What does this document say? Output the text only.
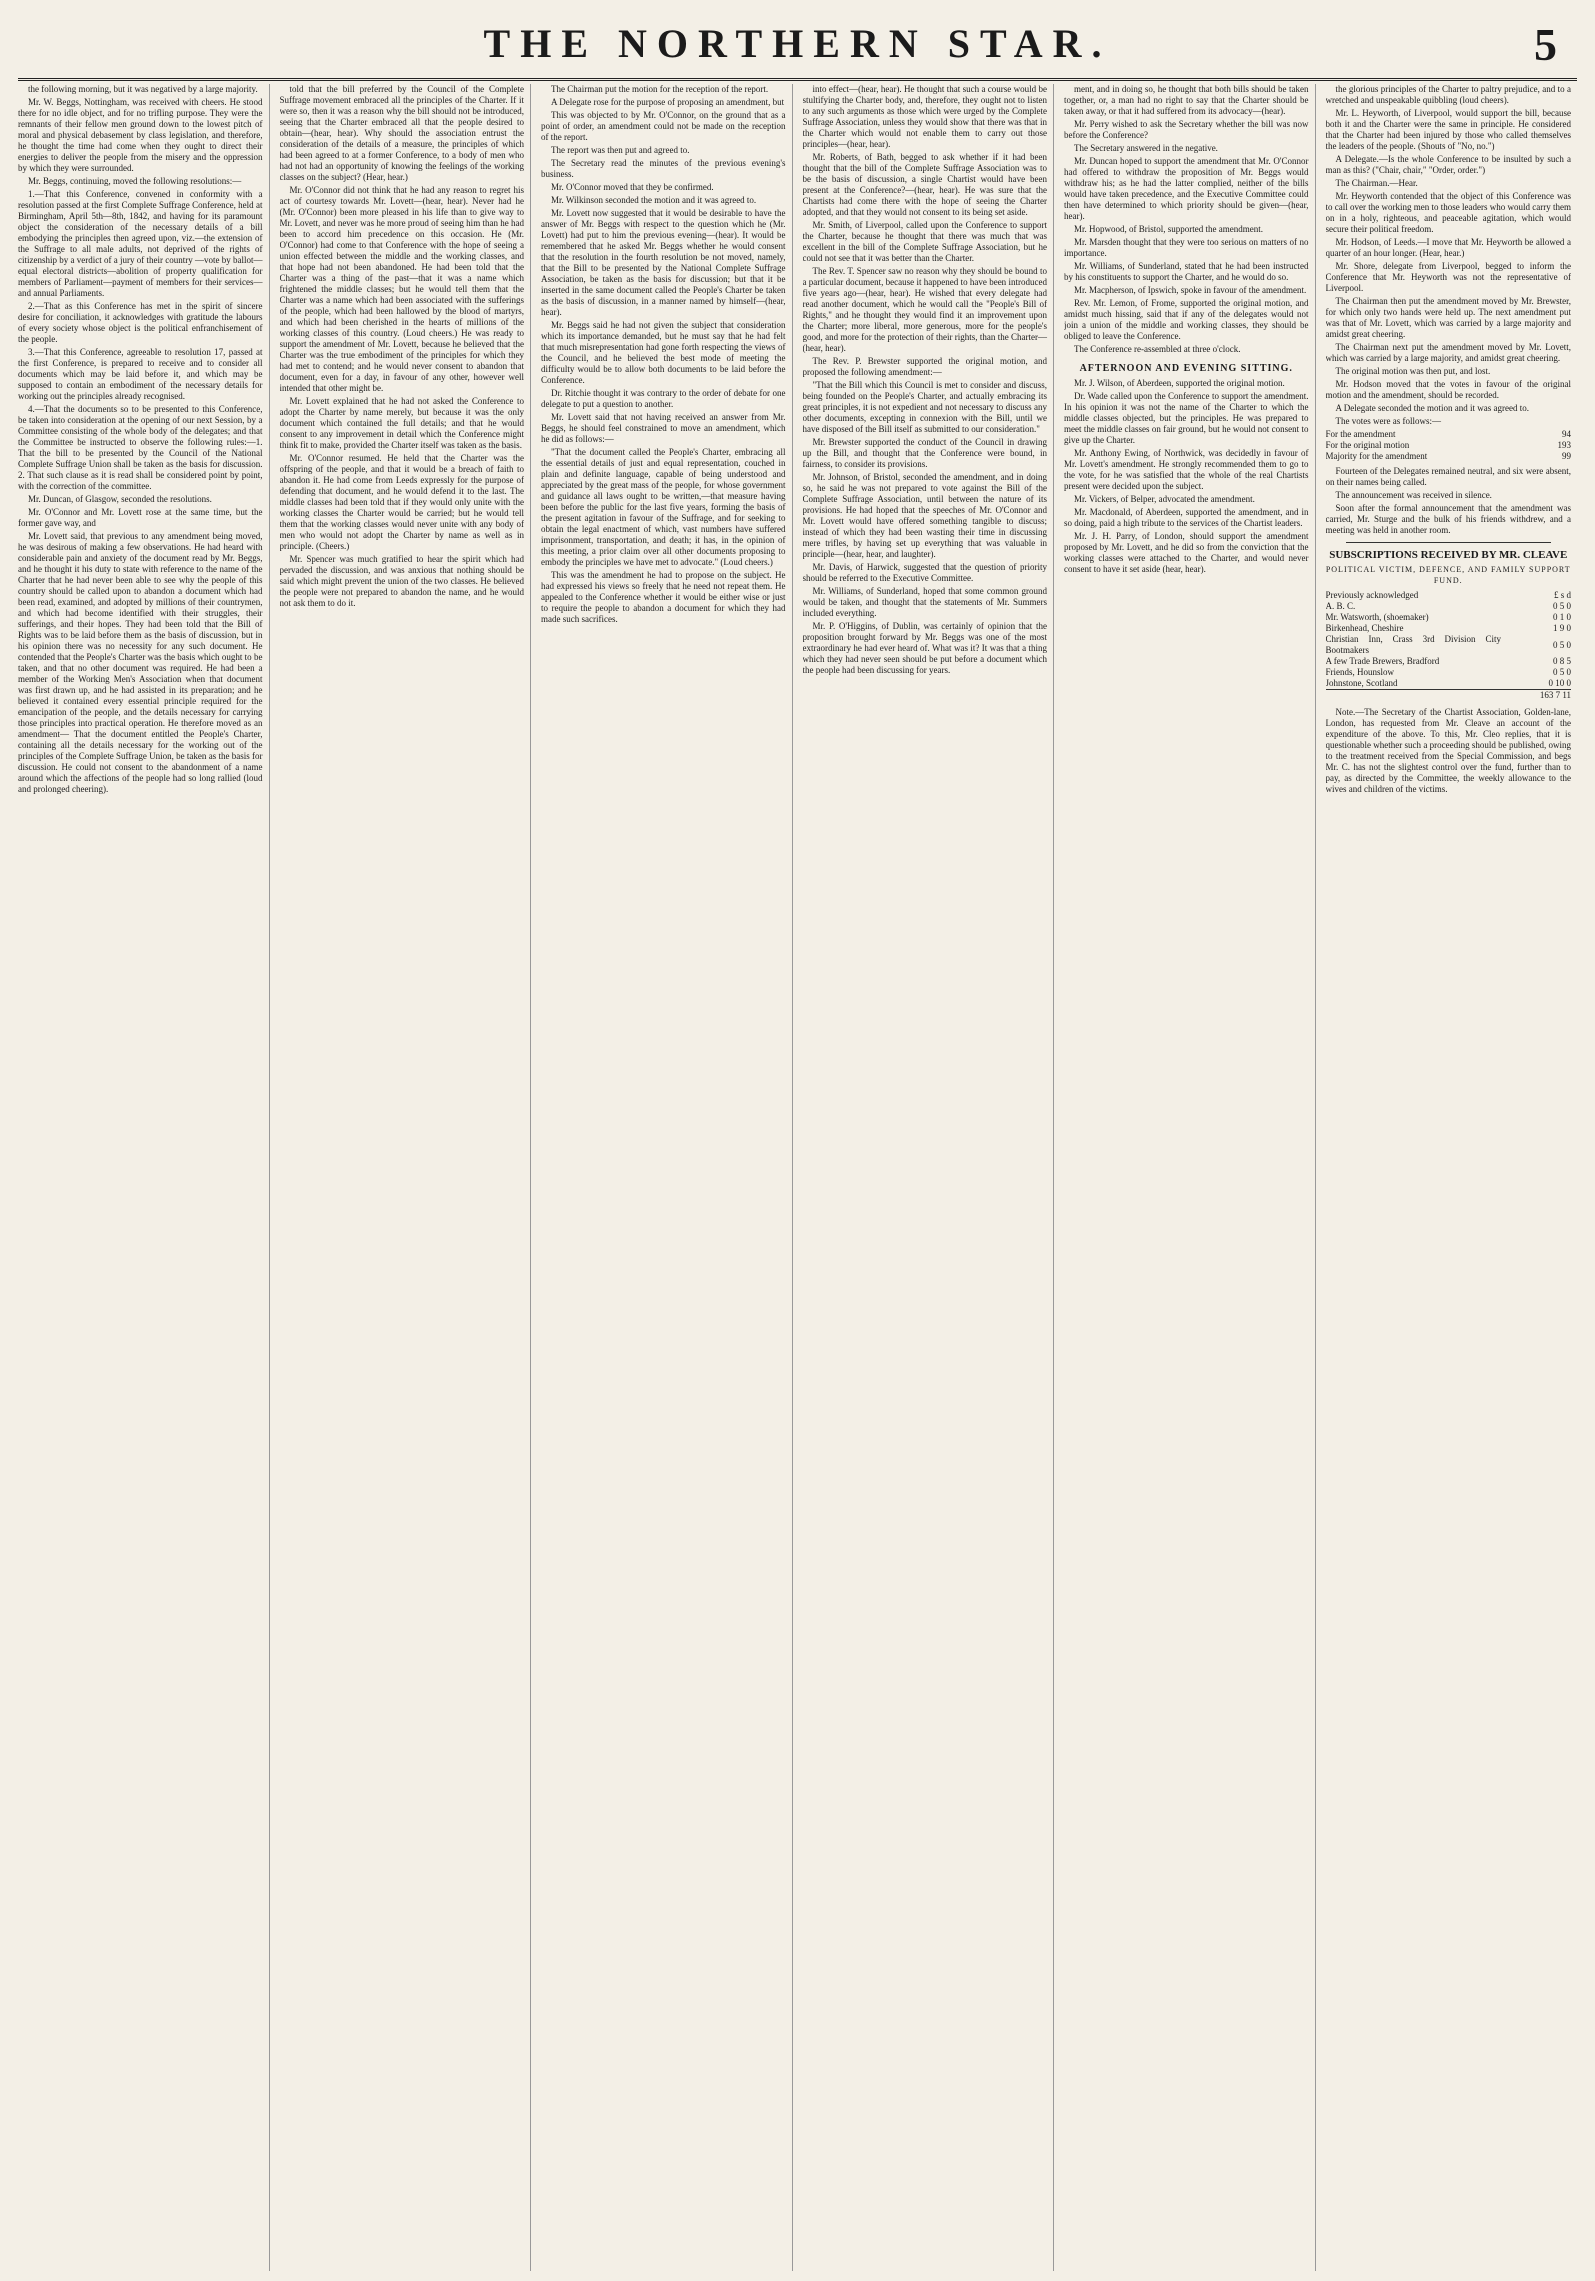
THE NORTHERN STAR.	5

the following morning, but it was negatived by a large majority.

Mr. W. Beggs, Nottingham, was received with cheers. He stood there for no idle object, and for no trifling purpose. They were the remnants of their fellow men ground down to the lowest pitch of moral and physical debasement by class legislation, and therefore, he thought the time had come when they ought to direct their energies to deliver the people from the misery and the oppression by which they were surrounded.

Mr. Beggs, continuing, moved the following resolutions:—

1.—That this Conference, convened in conformity with a resolution passed at the first Complete Suffrage Conference, held at Birmingham, April 5th—8th, 1842, and having for its paramount object the consideration of the necessary details of a bill embodying the principles then agreed upon, viz.—the extension of the Suffrage to all male adults, not deprived of the rights of citizenship by a verdict of a jury of their country —vote by ballot—equal electoral districts—abolition of property qualification for members of Parliament—payment of members for their services—and annual Parliaments.

2.—That as this Conference has met in the spirit of sincere desire for conciliation, it acknowledges with gratitude the labours of every society whose object is the political enfranchisement of the people.

3.—That this Conference, agreeable to resolution 17, passed at the first Conference, is prepared to receive and to consider all documents which may be laid before it, and which may be supposed to contain an embodiment of the necessary details for working out the principles already recognised.

4.—That the documents so to be presented to this Conference, be taken into consideration at the opening of our next Session, by a Committee consisting of the whole body of the delegates; and that the Committee be instructed to observe the following rules:—1. That the bill to be presented by the Council of the National Complete Suffrage Union shall be taken as the basis for discussion. 2. That such clause as it is read shall be considered point by point, with the correction of the committee.

Mr. Duncan, of Glasgow, seconded the resolutions.

Mr. O'Connor and Mr. Lovett rose at the same time, but the former gave way, and

Mr. Lovett said, that previous to any amendment being moved, he was desirous of making a few observations. He had heard with considerable pain and anxiety of the document read by Mr. Beggs, and he thought it his duty to state with reference to the name of the Charter that he had never been able to see why the people of this country should be called upon to abandon a document which had been read, examined, and adopted by millions of their countrymen, and which had become identified with their struggles, their sufferings, and their hopes. They had been told that the Bill of Rights was to be laid before them as the basis of discussion, but in his opinion there was no necessity for any such document. He contended that the People's Charter was the basis which ought to be taken, and that no other document was required. He had been a member of the Working Men's Association when that document was first drawn up, and he had assisted in its preparation; and he believed it contained every essential principle required for the emancipation of the people, and the details necessary for carrying those principles into practical operation. He therefore moved as an amendment— That the document entitled the People's Charter, containing all the details necessary for the working out of the principles of the Complete Suffrage Union, be taken as the basis for discussion. He could not consent to the abandonment of a name around which the affections of the people had so long rallied (loud and prolonged cheering).

told that the bill preferred by the Council of the Complete Suffrage movement embraced all the principles of the Charter. If it were so, then it was a reason why the bill should not be introduced, seeing that the Charter embraced all that the people desired to obtain—(hear, hear). Why should the association entrust the consideration of the details of a measure, the principles of which had been agreed to at a former Conference, to a body of men who had not had an opportunity of knowing the feelings of the working classes on the subject? (Hear, hear.)

Mr. O'Connor did not think that he had any reason to regret his act of courtesy towards Mr. Lovett—(hear, hear). Never had he (Mr. O'Connor) been more pleased in his life than to give way to Mr. Lovett, and never was he more proud of seeing him than he had been to accord him precedence on this occasion. He (Mr. O'Connor) had come to that Conference with the hope of seeing a union effected between the middle and the working classes, and that hope had not been abandoned. He had been told that the Charter was a thing of the past—that it was a name which frightened the middle classes; but he would tell them that the Charter was a name which had been associated with the sufferings of the people, which had been hallowed by the blood of martyrs, and which had been cherished in the hearts of millions of the working classes of this country. (Loud cheers.) He was ready to support the amendment of Mr. Lovett, because he believed that the Charter was the true embodiment of the principles for which they had met to contend; and he would never consent to abandon that document, even for a day, in favour of any other, however well intended that other might be.

Mr. Lovett explained that he had not asked the Conference to adopt the Charter by name merely, but because it was the only document which contained the full details; and that he would consent to any improvement in detail which the Conference might think fit to make, provided the Charter itself was taken as the basis.

Mr. O'Connor resumed. He held that the Charter was the offspring of the people, and that it would be a breach of faith to abandon it. He had come from Leeds expressly for the purpose of defending that document, and he would defend it to the last. The middle classes had been told that if they would only unite with the working classes the Charter would be carried; but he would tell them that the working classes would never unite with any body of men who would not adopt the Charter by name as well as in principle. (Cheers.)

Mr. Spencer was much gratified to hear the spirit which had pervaded the discussion, and was anxious that nothing should be said which might prevent the union of the two classes. He believed the people were not prepared to abandon the name, and he would not ask them to do it.

The Chairman put the motion for the reception of the report.

A Delegate rose for the purpose of proposing an amendment, but

This was objected to by Mr. O'Connor, on the ground that as a point of order, an amendment could not be made on the reception of the report.

The report was then put and agreed to.

The Secretary read the minutes of the previous evening's business.

Mr. O'Connor moved that they be confirmed.

Mr. Wilkinson seconded the motion and it was agreed to.

Mr. Lovett now suggested that it would be desirable to have the answer of Mr. Beggs with respect to the question which he (Mr. Lovett) had put to him the previous evening—(hear). It would be remembered that he asked Mr. Beggs whether he would consent that the resolution in the fourth resolution be not moved, namely, that the Bill to be presented by the National Complete Suffrage Association, be taken as the basis for discussion; but that it be inserted in the same document called the People's Charter be taken as the basis of discussion, in a manner named by himself—(hear, hear).

Mr. Beggs said he had not given the subject that consideration which its importance demanded, but he must say that he had felt that much misrepresentation had gone forth respecting the views of the Council, and he believed the best mode of meeting the difficulty would be to allow both documents to be laid before the Conference.

Dr. Ritchie thought it was contrary to the order of debate for one delegate to put a question to another.

Mr. Lovett said that not having received an answer from Mr. Beggs, he should feel constrained to move an amendment, which he did as follows:—

"That the document called the People's Charter, embracing all the essential details of just and equal representation, couched in plain and definite language, capable of being understood and appreciated by the great mass of the people, for whose government and guidance all laws ought to be written,—that measure having been before the public for the last five years, forming the basis of the present agitation in favour of the Suffrage, and for seeking to obtain the legal enactment of which, vast numbers have suffered imprisonment, transportation, and death; it has, in the opinion of this meeting, a prior claim over all other documents proposing to embody the principles we have met to advocate." (Loud cheers.)

This was the amendment he had to propose on the subject. He had expressed his views so freely that he need not repeat them. He appealed to the Conference whether it would be either wise or just to require the people to abandon a document for which they had made such sacrifices.

into effect—(hear, hear). He thought that such a course would be stultifying the Charter body, and, therefore, they ought not to listen to any such arguments as those which were urged by the Complete Suffrage Association, unless they would show that there was that in the Charter which would not enable them to carry out those principles—(hear, hear).

Mr. Roberts, of Bath, begged to ask whether if it had been thought that the bill of the Complete Suffrage Association was to be the basis of discussion, a single Chartist would have been present at the Conference?—(hear, hear). He was sure that the Chartists had come there with the hope of seeing the Charter adopted, and that they would not consent to its being set aside.

Mr. Smith, of Liverpool, called upon the Conference to support the Charter, because he thought that there was much that was excellent in the bill of the Complete Suffrage Association, but he could not see that it was better than the Charter.

The Rev. T. Spencer saw no reason why they should be bound to a particular document, because it happened to have been introduced five years ago—(hear, hear). He wished that every delegate had read another document, which he would call the "People's Bill of Rights," and he thought they would find it an improvement upon the Charter; more liberal, more generous, more for the people's good, and more for the protection of their rights, than the Charter—(hear, hear).

The Rev. P. Brewster supported the original motion, and proposed the following amendment:—

"That the Bill which this Council is met to consider and discuss, being founded on the People's Charter, and actually embracing its great principles, it is not expedient and not necessary to discuss any other documents, excepting in connexion with the Bill, until we have disposed of the Bill itself as submitted to our consideration."

Mr. Brewster supported the conduct of the Council in drawing up the Bill, and thought that the Conference were bound, in fairness, to consider its provisions.

Mr. Johnson, of Bristol, seconded the amendment, and in doing so, he said he was not prepared to vote against the Bill of the Complete Suffrage Association, until between the nature of its provisions. He had hoped that the speeches of Mr. O'Connor and Mr. Lovett would have offered something tangible to discuss; instead of which they had been wasting their time in discussing mere trifles, by having set up everything that was valuable in principle—(hear, hear, and laughter).

Mr. Davis, of Harwick, suggested that the question of priority should be referred to the Executive Committee.

Mr. Williams, of Sunderland, hoped that some common ground would be taken, and thought that the statements of Mr. Summers included everything.

Mr. P. O'Higgins, of Dublin, was certainly of opinion that the proposition brought forward by Mr. Beggs was one of the most extraordinary he had ever heard of. What was it? It was that a thing which they had never seen should be put before a document which the people had been discussing for years.

ment, and in doing so, he thought that both bills should be taken together, or, a man had no right to say that the Charter should be taken away, or that it had suffered from its advocacy—(hear).

Mr. Perry wished to ask the Secretary whether the bill was now before the Conference?

The Secretary answered in the negative.

Mr. Duncan hoped to support the amendment that Mr. O'Connor had offered to withdraw the proposition of Mr. Beggs would withdraw his; as he had the latter complied, neither of the bills would have taken precedence, and the Executive Committee could then have determined to which priority should be given—(hear, hear).

Mr. Hopwood, of Bristol, supported the amendment.

Mr. Marsden thought that they were too serious on matters of no importance.

Mr. Williams, of Sunderland, stated that he had been instructed by his constituents to support the Charter, and he would do so.

Mr. Macpherson, of Ipswich, spoke in favour of the amendment.

Rev. Mr. Lemon, of Frome, supported the original motion, and amidst much hissing, said that if any of the delegates would not join a union of the middle and working classes, they should be obliged to leave the Conference.

The Conference re-assembled at three o'clock.

AFTERNOON AND EVENING SITTING.

Mr. J. Wilson, of Aberdeen, supported the original motion.

Dr. Wade called upon the Conference to support the amendment. In his opinion it was not the name of the Charter to which the middle classes objected, but the principles. He was prepared to meet the middle classes on fair ground, but he would not consent to give up the Charter.

Mr. Anthony Ewing, of Northwick, was decidedly in favour of Mr. Lovett's amendment. He strongly recommended them to go to the vote, for he was satisfied that the whole of the real Chartists present were decided upon the subject.

Mr. Vickers, of Belper, advocated the amendment.

Mr. Macdonald, of Aberdeen, supported the amendment, and in so doing, paid a high tribute to the services of the Chartist leaders.

Mr. J. H. Parry, of London, should support the amendment proposed by Mr. Lovett, and he did so from the conviction that the working classes were attached to the Charter, and would never consent to have it set aside (hear, hear).

the glorious principles of the Charter to paltry prejudice, and to a wretched and unspeakable quibbling (loud cheers).

Mr. L. Heyworth, of Liverpool, would support the bill, because both it and the Charter were the same in principle. He considered that the Charter had been injured by those who called themselves the leaders of the people. (Shouts of "No, no.")

A Delegate.—Is the whole Conference to be insulted by such a man as this? ("Chair, chair," "Order, order.")

The Chairman.—Hear.

Mr. Heyworth contended that the object of this Conference was to call over the working men to those leaders who would carry them on in a holy, righteous, and peaceable agitation, which would secure their political freedom.

Mr. Hodson, of Leeds.—I move that Mr. Heyworth be allowed a quarter of an hour longer. (Hear, hear.)

Mr. Shore, delegate from Liverpool, begged to inform the Conference that Mr. Heyworth was not the representative of Liverpool.

The Chairman then put the amendment moved by Mr. Brewster, for which only two hands were held up. The next amendment put was that of Mr. Lovett, which was carried by a large majority and amidst great cheering.

The Chairman next put the amendment moved by Mr. Lovett, which was carried by a large majority, and amidst great cheering.

The original motion was then put, and lost.

Mr. Hodson moved that the votes in favour of the original motion and the amendment, should be recorded.

A Delegate seconded the motion and it was agreed to.

The votes were as follows:—

For the amendment	94
For the original motion	193
Majority for the amendment	99

Fourteen of the Delegates remained neutral, and six were absent, on their names being called.

The announcement was received in silence.

Soon after the formal announcement that the amendment was carried, Mr. Sturge and the bulk of his friends withdrew, and a meeting was held in another room.

SUBSCRIPTIONS RECEIVED BY MR. CLEAVE
POLITICAL VICTIM, DEFENCE, AND FAMILY SUPPORT FUND.
Previously acknowledged	£ s d
A. B. C.	0 5 0
Mr. Watsworth, (shoemaker)	0 1 0
Birkenhead, Cheshire	1 9 0
Christian Inn, Crass 3rd Division City Bootmakers	0 5 0
A few Trade Brewers, Bradford	0 8 5
Friends, Hounslow	0 5 0
Johnstone, Scotland	0 10 0
	163 7 11

Note.—The Secretary of the Chartist Association, Golden-lane, London, has requested from Mr. Cleave an account of the expenditure of the above. To this, Mr. Cleo replies, that it is questionable whether such a proceeding should be published, owing to the treatment received from the Special Commission, and begs Mr. C. has not the slightest control over the fund, further than to pay, as directed by the Committee, the weekly allowance to the wives and children of the victims.
